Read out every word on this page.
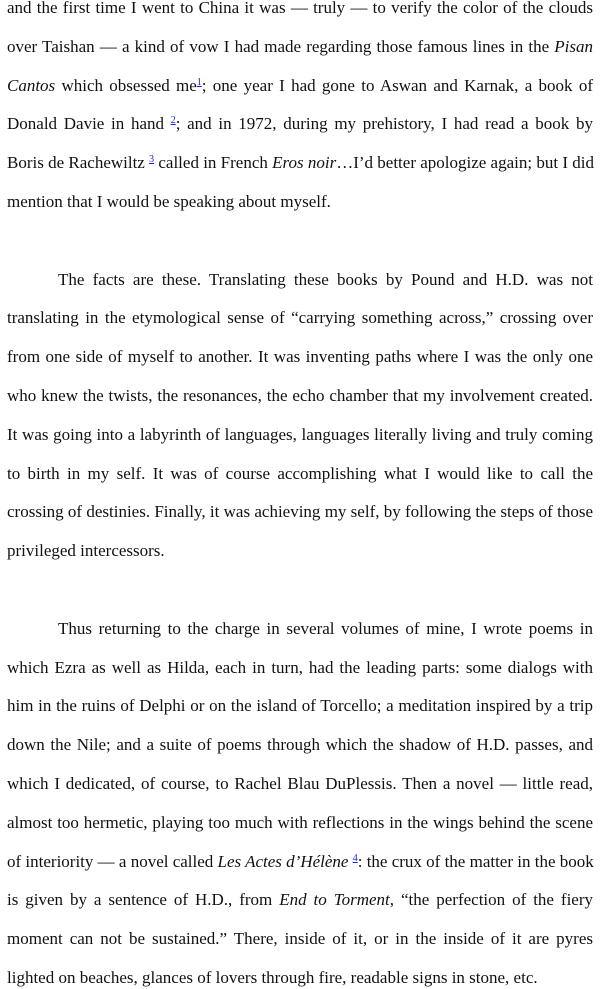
and the first time I went to China it was — truly — to verify the color of the clouds
over Taishan — a kind of vow I had made regarding those famous lines in the Pisan
Cantos which obsessed me$^1$; one year I had gone to Aswan and Karnak, a book of
Donald Davie in hand $^2$; and in 1972, during my prehistory, I had read a book by
Boris de Rachewiltz $^3$ called in French Eros noir…I’d better apologize again; but I did
mention that I would be speaking about myself.
The facts are these. Translating these books by Pound and H.D. was not
translating in the etymological sense of “carrying something across,” crossing over
from one side of myself to another. It was inventing paths where I was the only one
who knew the twists, the resonances, the echo chamber that my involvement created.
It was going into a labyrinth of languages, languages literally living and truly coming
to birth in my self. It was of course accomplishing what I would like to call the
crossing of destinies. Finally, it was achieving my self, by following the steps of those
privileged intercessors.
Thus returning to the charge in several volumes of mine, I wrote poems in
which Ezra as well as Hilda, each in turn, had the leading parts: some dialogs with
him in the ruins of Delphi or on the island of Torcello; a meditation inspired by a trip
down the Nile; and a suite of poems through which the shadow of H.D. passes, and
which I dedicated, of course, to Rachel Blau DuPlessis. Then a novel — little read,
almost too hermetic, playing too much with reflections in the wings behind the scene
of interiority — a novel called Les Actes d’Hélène $^4$: the crux of the matter in the book
is given by a sentence of H.D., from End to Torment, “the perfection of the fiery
moment can not be sustained.” There, inside of it, or in the inside of it are pyres
lighted on beaches, glances of lovers through fire, readable signs in stone, etc.
